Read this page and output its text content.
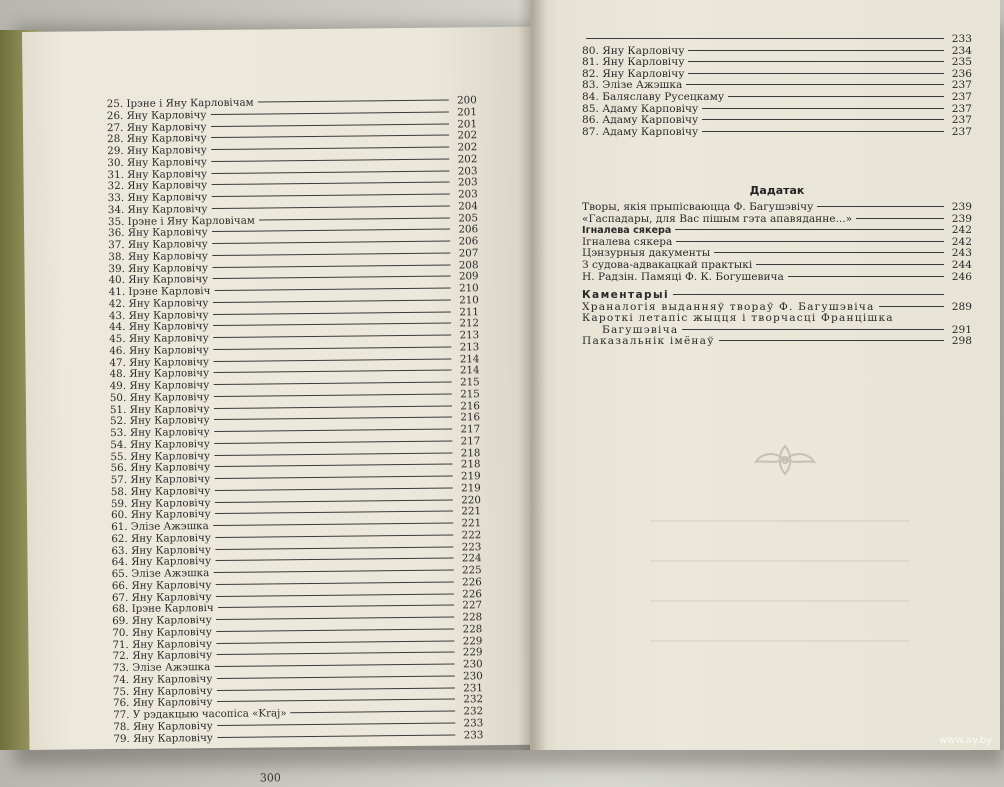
25. Ірэне і Яну Карловічам	200
26. Яну Карловічу	201
27. Яну Карловічу	201
28. Яну Карловічу	202
29. Яну Карловічу	202
30. Яну Карловічу	202
31. Яну Карловічу	203
32. Яну Карловічу	203
33. Яну Карловічу	203
34. Яну Карловічу	204
35. Ірэне і Яну Карловічам	205
36. Яну Карловічу	206
37. Яну Карловічу	206
38. Яну Карловічу	207
39. Яну Карловічу	208
40. Яну Карловічу	209
41. Ірэне Карловіч	210
42. Яну Карловічу	210
43. Яну Карловічу	211
44. Яну Карловічу	212
45. Яну Карловічу	213
46. Яну Карловічу	213
47. Яну Карловічу	214
48. Яну Карловічу	214
49. Яну Карловічу	215
50. Яну Карловічу	215
51. Яну Карловічу	216
52. Яну Карловічу	216
53. Яну Карловічу	217
54. Яну Карловічу	217
55. Яну Карловічу	218
56. Яну Карловічу	218
57. Яну Карловічу	219
58. Яну Карловічу	219
59. Яну Карловічу	220
60. Яну Карловічу	221
61. Элізе Ажэшка	221
62. Яну Карловічу	222
63. Яну Карловічу	223
64. Яну Карловічу	224
65. Элізе Ажэшка	225
66. Яну Карловічу	226
67. Яну Карловічу	226
68. Ірэне Карловіч	227
69. Яну Карловічу	228
70. Яну Карловічу	228
71. Яну Карловічу	229
72. Яну Карловічу	229
73. Элізе Ажэшка	230
74. Яну Карловічу	230
75. Яну Карловічу	231
76. Яну Карловічу	232
77. У рэдакцыю часопіса «Kraj»	232
78. Яну Карловічу	233
79. Яну Карловічу	233
300
233
80. Яну Карловічу	234
81. Яну Карловічу	235
82. Яну Карловічу	236
83. Элізе Ажэшка	237
84. Баляславу Русецкаму	237
85. Адаму Карповічу	237
86. Адаму Карповічу	237
87. Адаму Карповічу	237
Дадатак
Творы, якія прыпісваюцца Ф. Багушэвічу	239
«Гаспадары, для Вас пішым гэта апавяданне...»	239
Ігналева сякера	242
Ігналева сякера	242
Цэнзурныя дакументы	243
З судова-адвакацкай практыкі	244
Н. Радзін. Памяці Ф. К. Богушевича	246
Каментарыі
Храналогія выданняў твораў Ф. Багушэвіча	289
Кароткі летапіс жыцця і творчасці Францішка
Багушэвіча	291
Паказальнік імёнаў	298
www.ay.by
